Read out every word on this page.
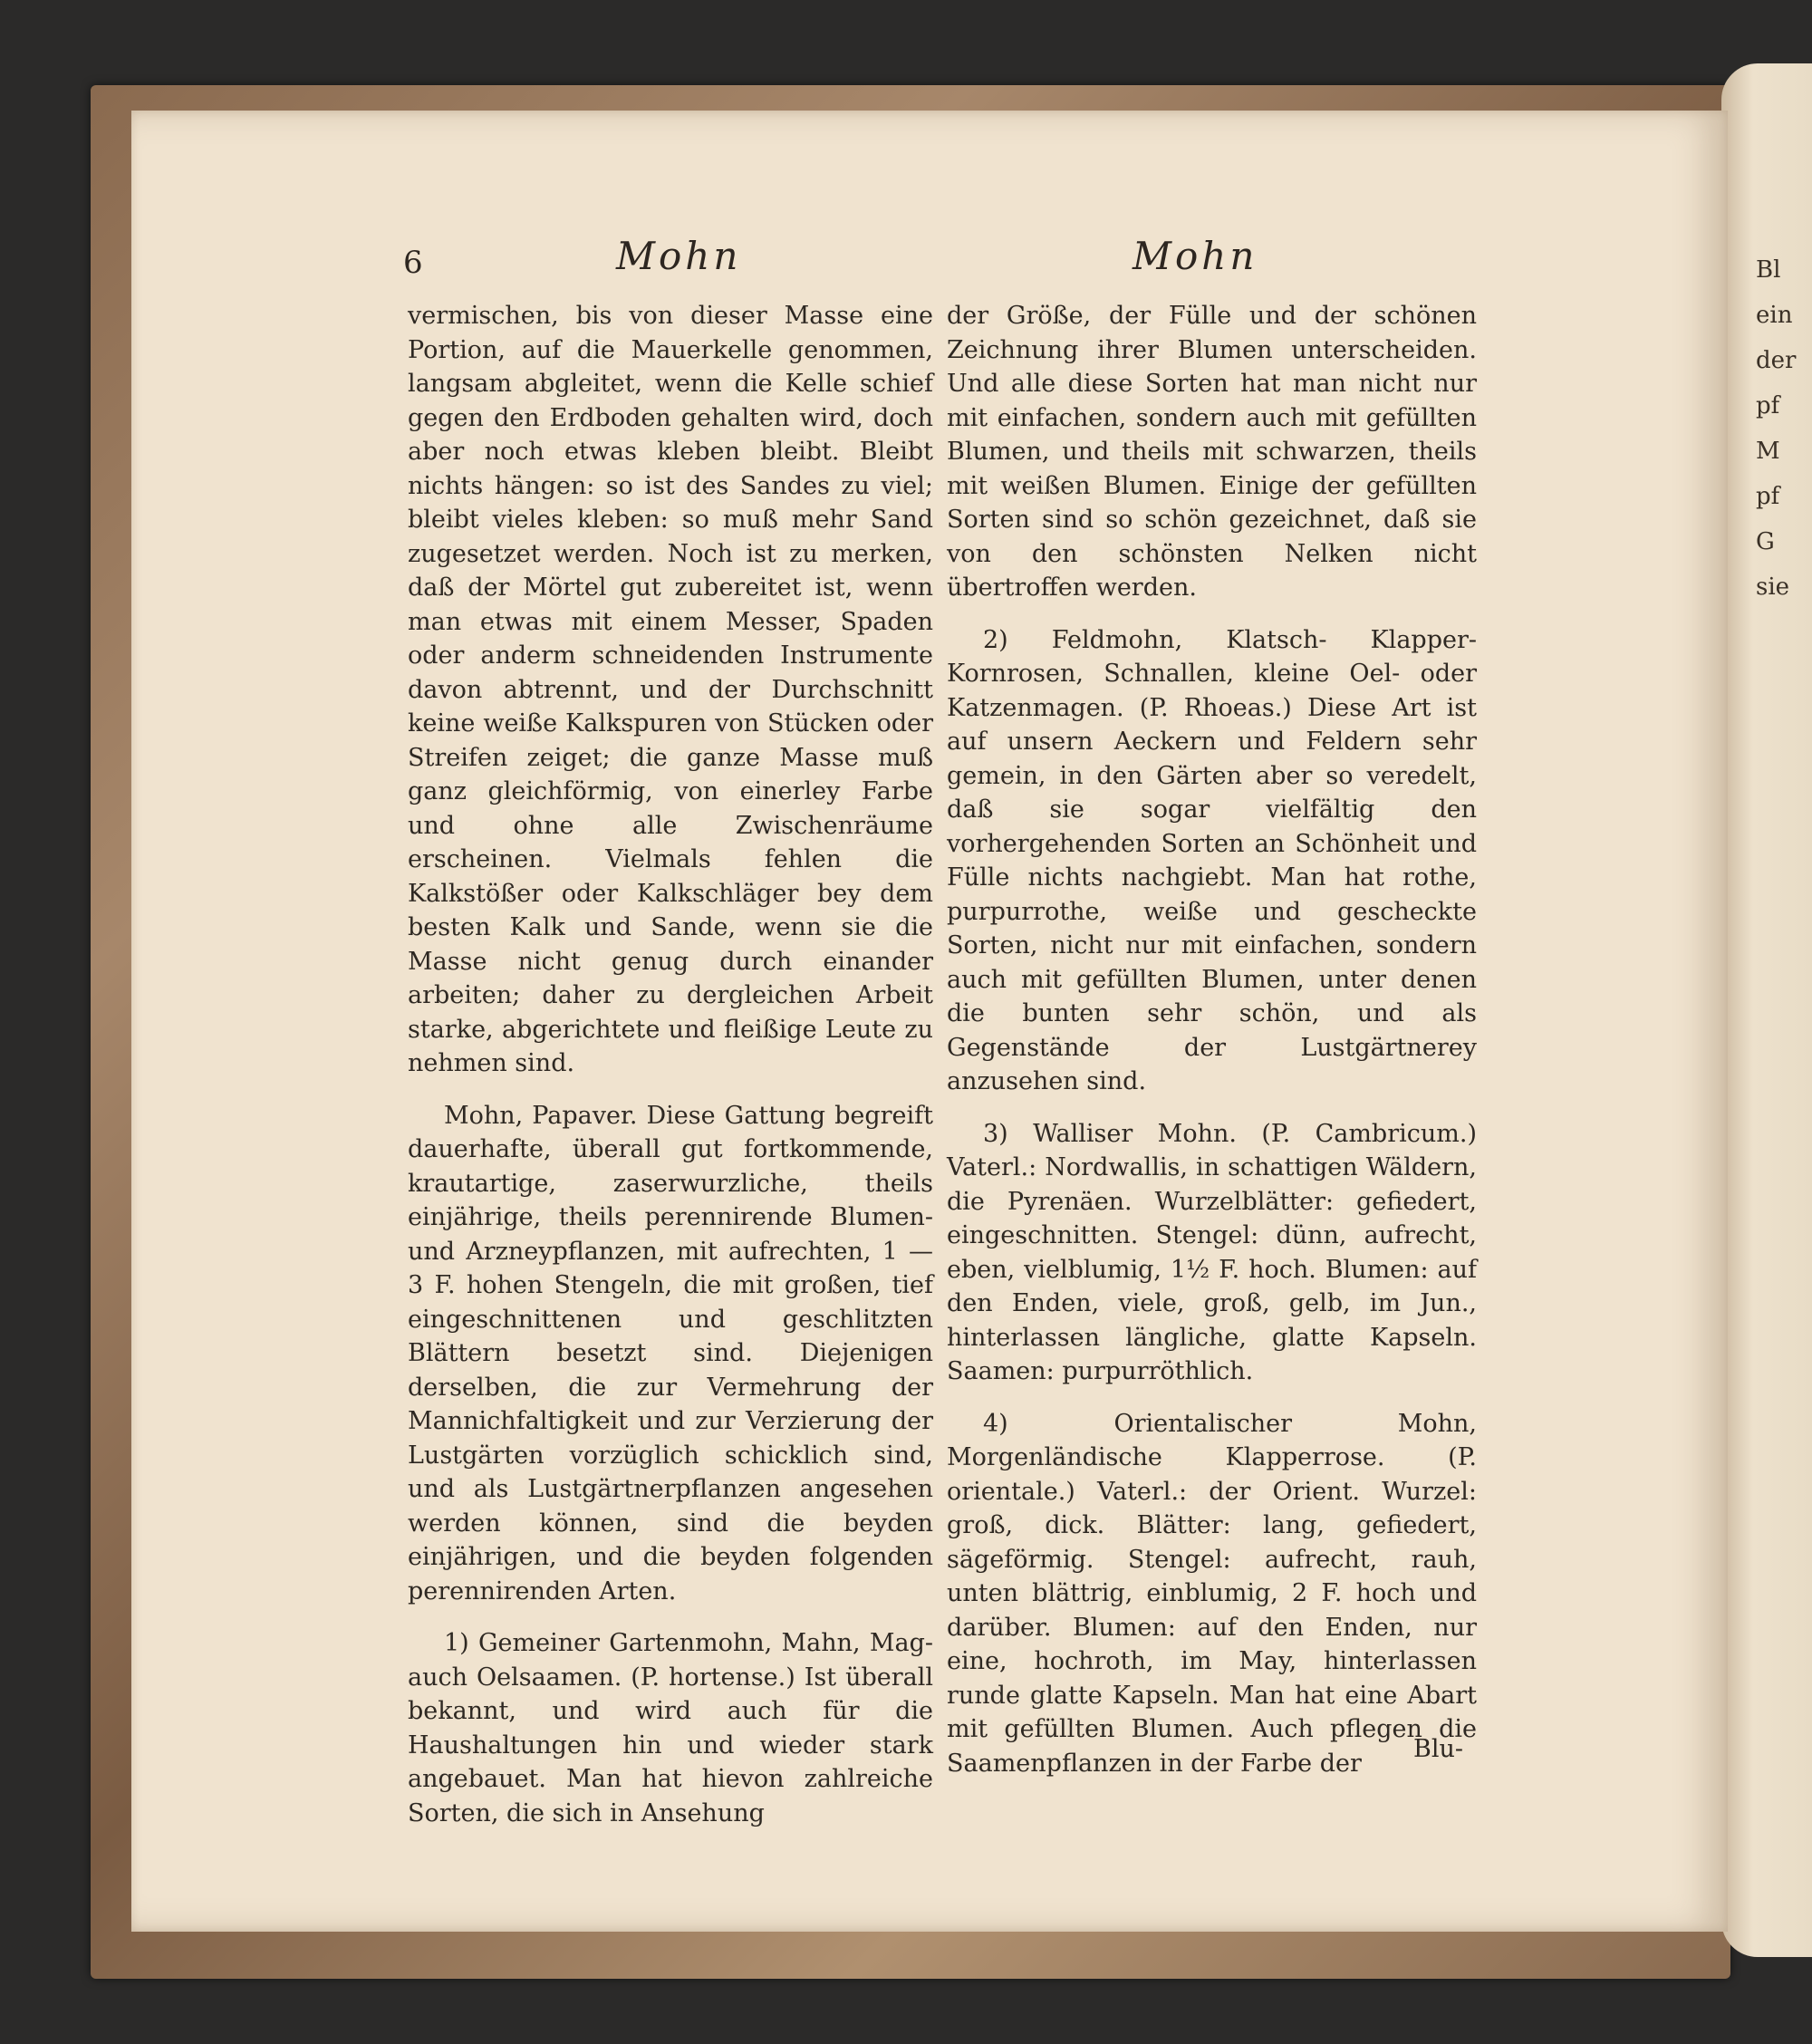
Bl

ein

der

pf

M

pf

G

sie

6	Mohn	Mohn

vermischen, bis von dieser Masse eine Portion, auf die Mauerkelle genommen, langsam abgleitet, wenn die Kelle schief gegen den Erdboden gehalten wird, doch aber noch etwas kleben bleibt. Bleibt nichts hängen: so ist des Sandes zu viel; bleibt vieles kleben: so muß mehr Sand zugesetzet werden. Noch ist zu merken, daß der Mörtel gut zubereitet ist, wenn man etwas mit einem Messer, Spaden oder anderm schneidenden Instrumente davon abtrennt, und der Durchschnitt keine weiße Kalkspuren von Stücken oder Streifen zeiget; die ganze Masse muß ganz gleichförmig, von einerley Farbe und ohne alle Zwischenräume erscheinen. Vielmals fehlen die Kalkstößer oder Kalkschläger bey dem besten Kalk und Sande, wenn sie die Masse nicht genug durch einander arbeiten; daher zu dergleichen Arbeit starke, abgerichtete und fleißige Leute zu nehmen sind.

Mohn, Papaver. Diese Gattung begreift dauerhafte, überall gut fortkommende, krautartige, zaserwurzliche, theils einjährige, theils perennirende Blumen- und Arzneypflanzen, mit aufrechten, 1 — 3 F. hohen Stengeln, die mit großen, tief eingeschnittenen und geschlitzten Blättern besetzt sind. Diejenigen derselben, die zur Vermehrung der Mannichfaltigkeit und zur Verzierung der Lustgärten vorzüglich schicklich sind, und als Lustgärtnerpflanzen angesehen werden können, sind die beyden einjährigen, und die beyden folgenden perennirenden Arten.

1) Gemeiner Gartenmohn, Mahn, Mag- auch Oelsaamen. (P. hortense.) Ist überall bekannt, und wird auch für die Haushaltungen hin und wieder stark angebauet. Man hat hievon zahlreiche Sorten, die sich in Ansehung

der Größe, der Fülle und der schönen Zeichnung ihrer Blumen unterscheiden. Und alle diese Sorten hat man nicht nur mit einfachen, sondern auch mit gefüllten Blumen, und theils mit schwarzen, theils mit weißen Blumen. Einige der gefüllten Sorten sind so schön gezeichnet, daß sie von den schönsten Nelken nicht übertroffen werden.

2) Feldmohn, Klatsch- Klapper- Kornrosen, Schnallen, kleine Oel- oder Katzenmagen. (P. Rhoeas.) Diese Art ist auf unsern Aeckern und Feldern sehr gemein, in den Gärten aber so veredelt, daß sie sogar vielfältig den vorhergehenden Sorten an Schönheit und Fülle nichts nachgiebt. Man hat rothe, purpurrothe, weiße und gescheckte Sorten, nicht nur mit einfachen, sondern auch mit gefüllten Blumen, unter denen die bunten sehr schön, und als Gegenstände der Lustgärtnerey anzusehen sind.

3) Walliser Mohn. (P. Cambricum.) Vaterl.: Nordwallis, in schattigen Wäldern, die Pyrenäen. Wurzelblätter: gefiedert, eingeschnitten. Stengel: dünn, aufrecht, eben, vielblumig, 1½ F. hoch. Blumen: auf den Enden, viele, groß, gelb, im Jun., hinterlassen längliche, glatte Kapseln. Saamen: purpurröthlich.

4) Orientalischer Mohn, Morgenländische Klapperrose. (P. orientale.) Vaterl.: der Orient. Wurzel: groß, dick. Blätter: lang, gefiedert, sägeförmig. Stengel: aufrecht, rauh, unten blättrig, einblumig, 2 F. hoch und darüber. Blumen: auf den Enden, nur eine, hochroth, im May, hinterlassen runde glatte Kapseln. Man hat eine Abart mit gefüllten Blumen. Auch pflegen die Saamenpflanzen in der Farbe der	Blu-
